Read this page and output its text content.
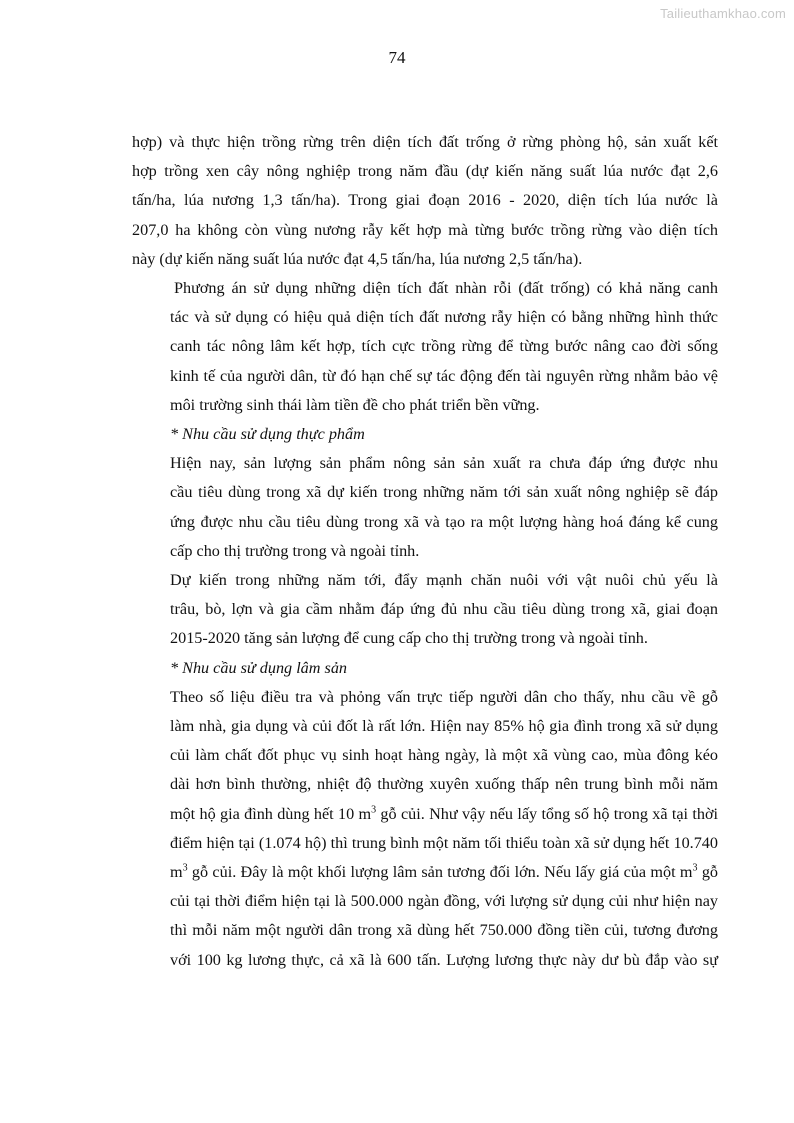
Tailieuthamkhao.com
74

hợp) và thực hiện trồng rừng trên diện tích đất trống ở rừng phòng hộ, sản xuất kết
hợp trồng xen cây nông nghiệp trong năm đầu (dự kiến năng suất lúa nước đạt 2,6
tấn/ha, lúa nương 1,3 tấn/ha). Trong giai đoạn 2016 - 2020, diện tích lúa nước là
207,0 ha không còn vùng nương rẫy kết hợp mà từng bước trồng rừng vào diện tích
này (dự kiến năng suất lúa nước đạt 4,5 tấn/ha, lúa nương 2,5 tấn/ha).

Phương án sử dụng những diện tích đất nhàn rỗi (đất trống) có khả năng canh
tác và sử dụng có hiệu quả diện tích đất nương rẫy hiện có bằng những hình thức
canh tác nông lâm kết hợp, tích cực trồng rừng để từng bước nâng cao đời sống
kinh tế của người dân, từ đó hạn chế sự tác động đến tài nguyên rừng nhằm bảo vệ
môi trường sinh thái làm tiền đề cho phát triển bền vững.

* Nhu cầu sử dụng thực phẩm

Hiện nay, sản lượng sản phẩm nông sản sản xuất ra chưa đáp ứng được nhu
cầu tiêu dùng trong xã dự kiến trong những năm tới sản xuất nông nghiệp sẽ đáp
ứng được nhu cầu tiêu dùng trong xã và tạo ra một lượng hàng hoá đáng kể cung
cấp cho thị trường trong và ngoài tỉnh.

Dự kiến trong những năm tới, đẩy mạnh chăn nuôi với vật nuôi chủ yếu là
trâu, bò, lợn và gia cầm nhằm đáp ứng đủ nhu cầu tiêu dùng trong xã, giai đoạn
2015-2020 tăng sản lượng để cung cấp cho thị trường trong và ngoài tỉnh.

* Nhu cầu sử dụng lâm sản

Theo số liệu điều tra và phỏng vấn trực tiếp người dân cho thấy, nhu cầu về gỗ
làm nhà, gia dụng và củi đốt là rất lớn. Hiện nay 85% hộ gia đình trong xã sử dụng
củi làm chất đốt phục vụ sinh hoạt hàng ngày, là một xã vùng cao, mùa đông kéo
dài hơn bình thường, nhiệt độ thường xuyên xuống thấp nên trung bình mỗi năm
một hộ gia đình dùng hết 10 $m^3$ gỗ củi. Như vậy nếu lấy tổng số hộ trong xã tại thời
điểm hiện tại (1.074 hộ) thì trung bình một năm tối thiểu toàn xã sử dụng hết 10.740
$m^3$ gỗ củi. Đây là một khối lượng lâm sản tương đối lớn. Nếu lấy giá của một $m^3$ gỗ
củi tại thời điểm hiện tại là 500.000 ngàn đồng, với lượng sử dụng củi như hiện nay
thì mỗi năm một người dân trong xã dùng hết 750.000 đồng tiền củi, tương đương
với 100 kg lương thực, cả xã là 600 tấn. Lượng lương thực này dư bù đắp vào sự
